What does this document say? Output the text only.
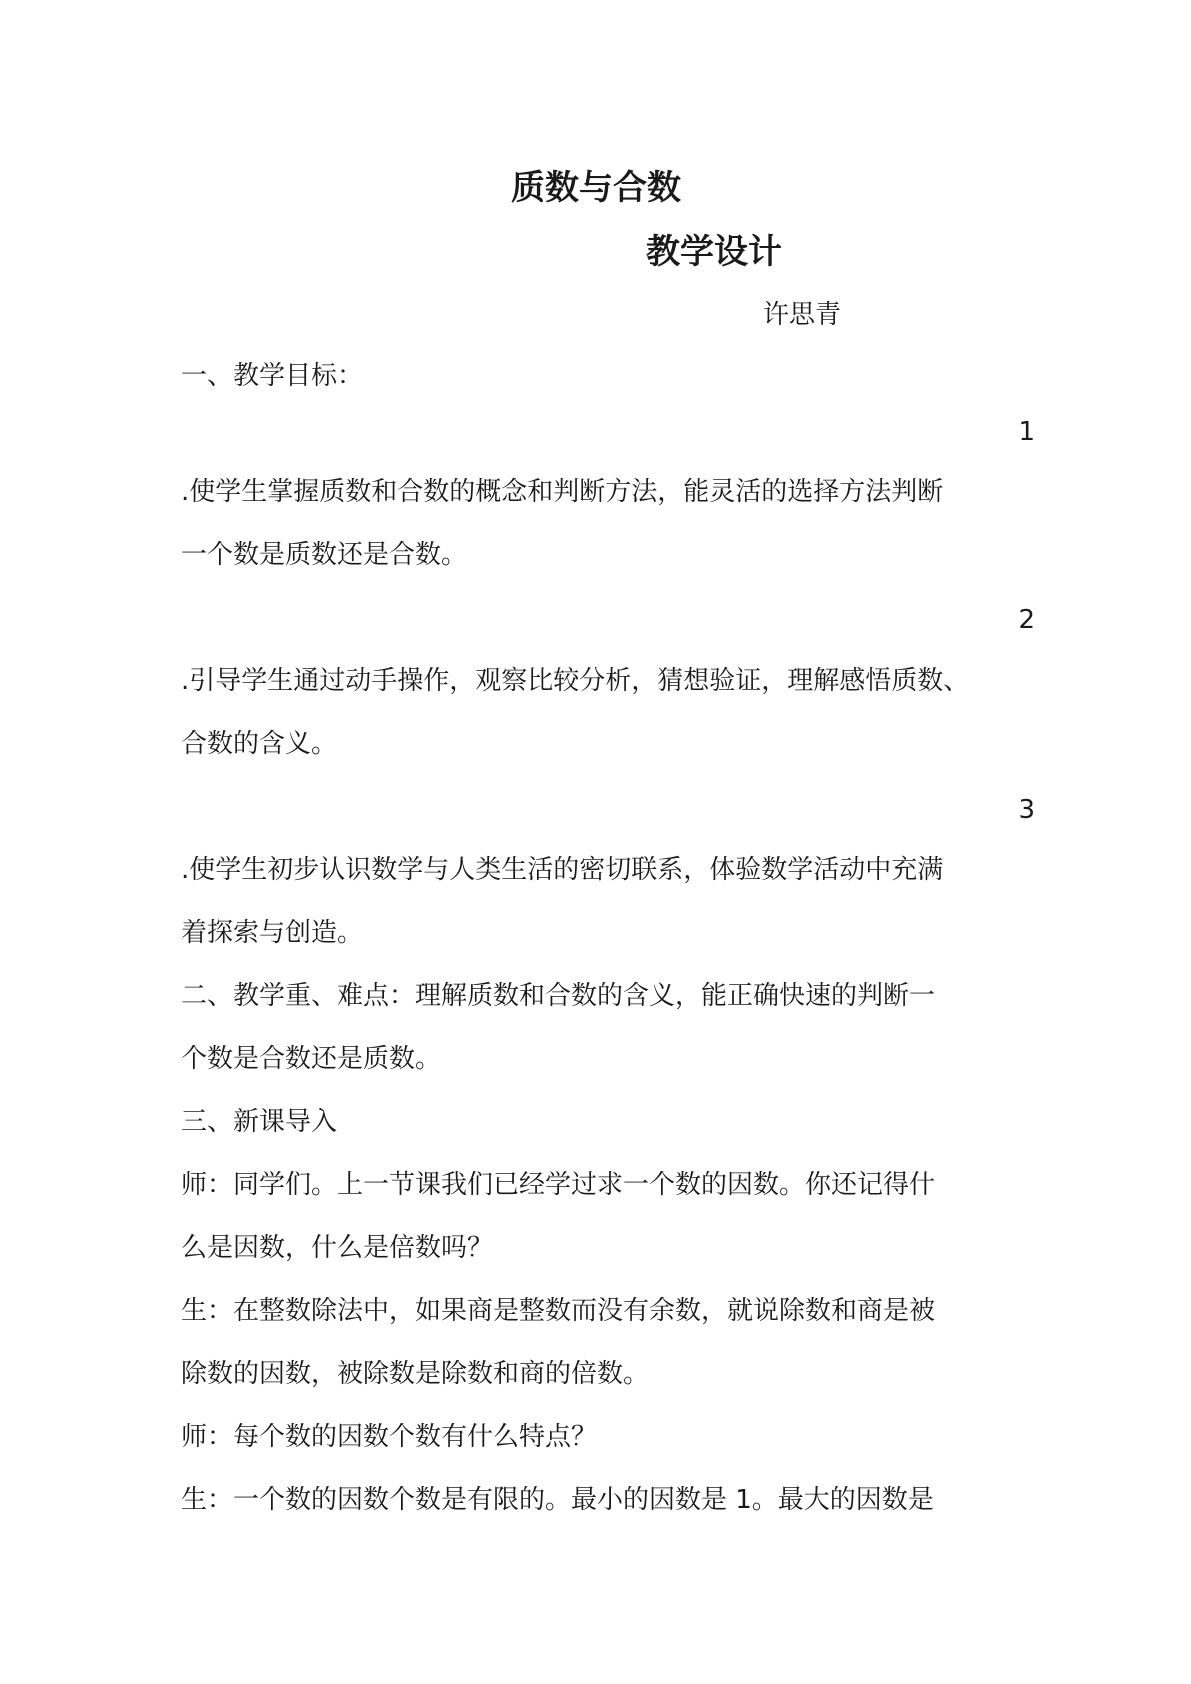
质数与合数
教学设计
许思青
一、教学目标：
1
.使学生掌握质数和合数的概念和判断方法，能灵活的选择方法判断
一个数是质数还是合数。
2
.引导学生通过动手操作，观察比较分析，猜想验证，理解感悟质数、
合数的含义。
3
.使学生初步认识数学与人类生活的密切联系，体验数学活动中充满
着探索与创造。
二、教学重、难点：理解质数和合数的含义，能正确快速的判断一
个数是合数还是质数。
三、新课导入
师：同学们。上一节课我们已经学过求一个数的因数。你还记得什
么是因数，什么是倍数吗？
生：在整数除法中，如果商是整数而没有余数，就说除数和商是被
除数的因数，被除数是除数和商的倍数。
师：每个数的因数个数有什么特点？
生：一个数的因数个数是有限的。最小的因数是 1。最大的因数是
